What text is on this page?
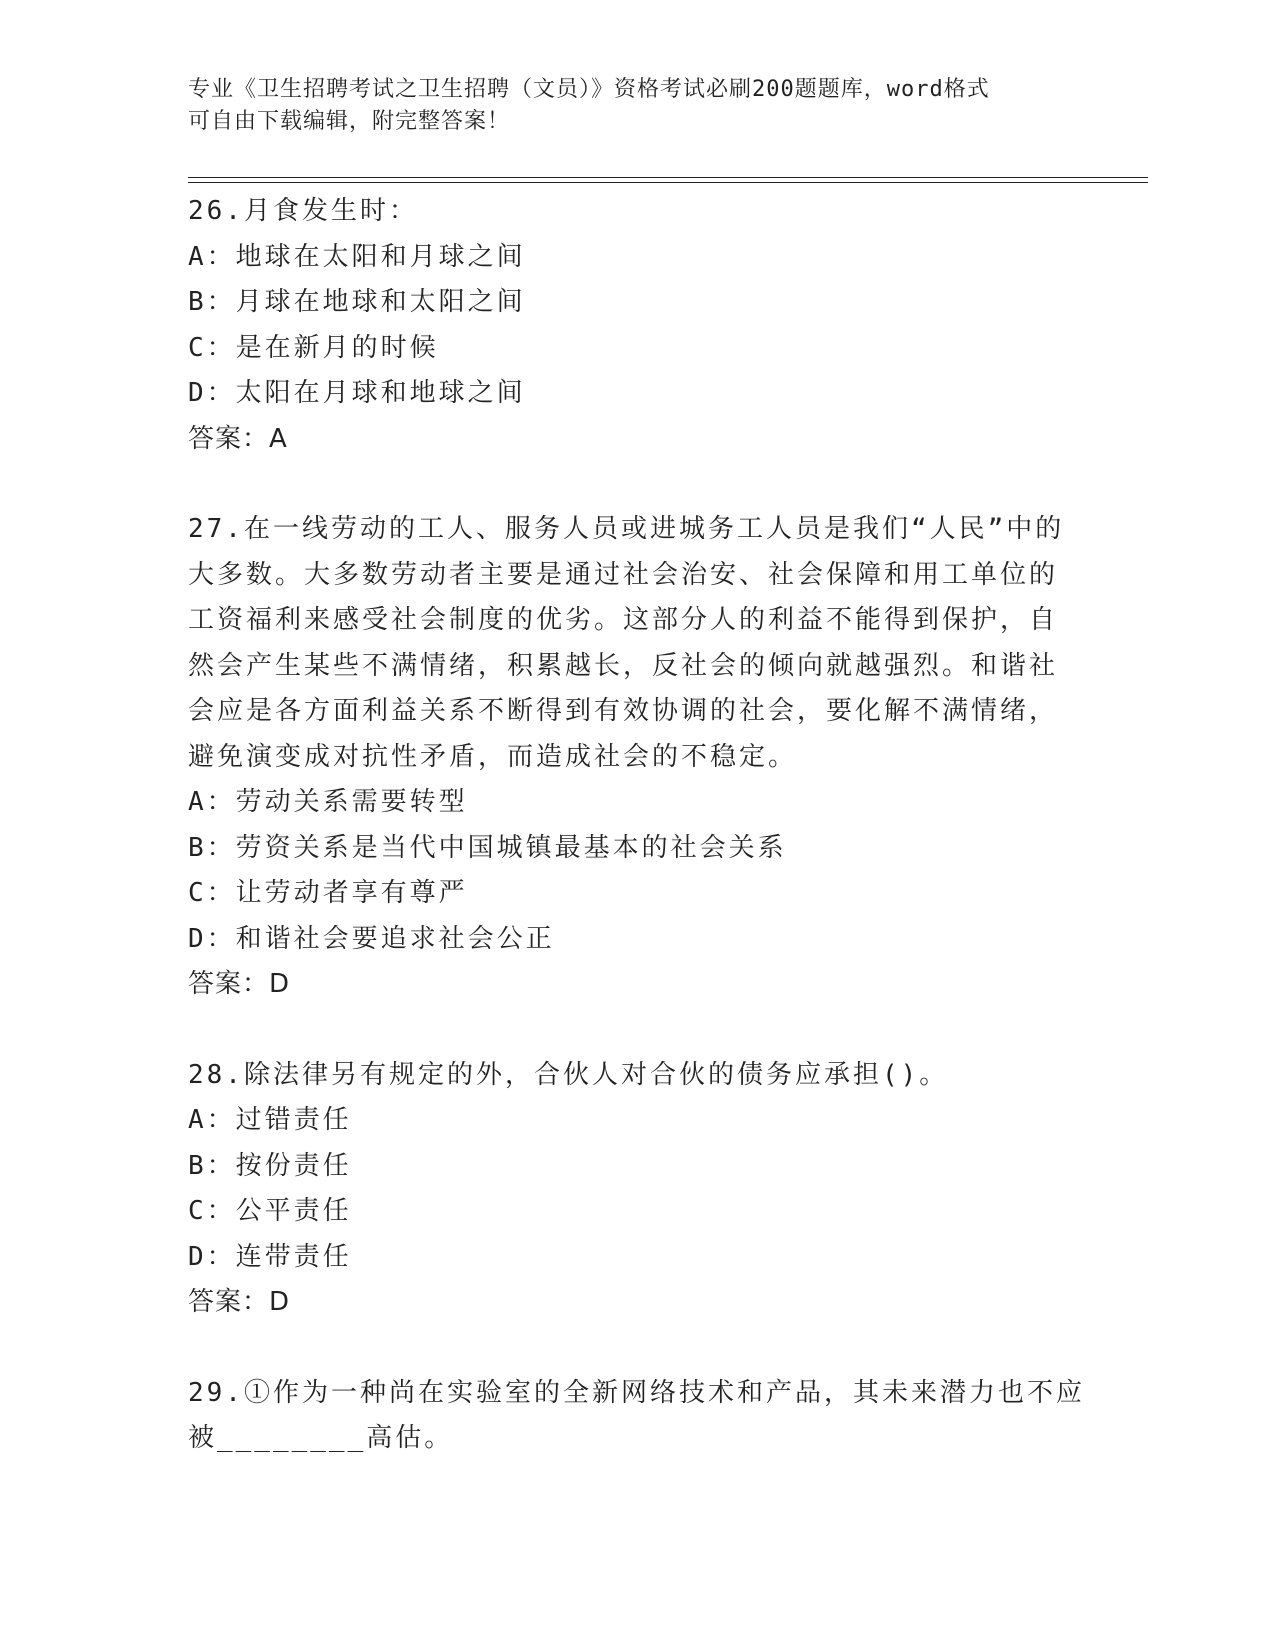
专业《卫生招聘考试之卫生招聘（文员）》资格考试必刷200题题库，word格式
可自由下载编辑，附完整答案！
26.月食发生时：
A：地球在太阳和月球之间
B：月球在地球和太阳之间
C：是在新月的时候
D：太阳在月球和地球之间
答案：A
27.在一线劳动的工人、服务人员或进城务工人员是我们“人民”中的
大多数。大多数劳动者主要是通过社会治安、社会保障和用工单位的
工资福利来感受社会制度的优劣。这部分人的利益不能得到保护，自
然会产生某些不满情绪，积累越长，反社会的倾向就越强烈。和谐社
会应是各方面利益关系不断得到有效协调的社会，要化解不满情绪，
避免演变成对抗性矛盾，而造成社会的不稳定。
A：劳动关系需要转型
B：劳资关系是当代中国城镇最基本的社会关系
C：让劳动者享有尊严
D：和谐社会要追求社会公正
答案：D
28.除法律另有规定的外，合伙人对合伙的债务应承担()。
A：过错责任
B：按份责任
C：公平责任
D：连带责任
答案：D
29.①作为一种尚在实验室的全新网络技术和产品，其未来潜力也不应
被________高估。
